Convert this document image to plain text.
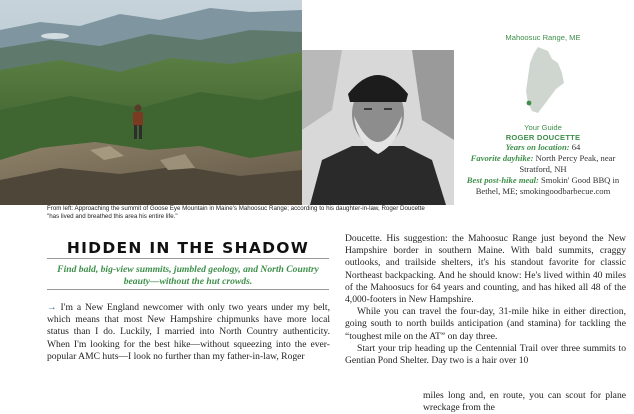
From left: Approaching the summit of Goose Eye Mountain in Maine's Mahoosuc Range; according to his daughter-in-law, Roger Doucette "has lived and breathed this area his entire life."
Mahoosuc Range, ME
Your Guide
ROGER DOUCETTE
Years on location: 64
Favorite dayhike: North Percy Peak, near Stratford, NH
Best post-hike meal: Smokin' Good BBQ in Bethel, ME; smokingoodbarbecue.com
HIDDEN IN THE SHADOW

Find bald, big-view summits, jumbled geology, and North Country beauty—without the hut crowds.

→ I'm a New England newcomer with only two years under my belt, which means that most New Hampshire chipmunks have more local status than I do. Luckily, I married into North Country authenticity. When I'm looking for the best hike—without squeezing into the ever-popular AMC huts—I look no further than my father-in-law, Roger

Doucette. His suggestion: the Mahoosuc Range just beyond the New Hampshire border in southern Maine. With bald summits, craggy outlooks, and trailside shelters, it's his standout favorite for classic Northeast backpacking. And he should know: He's lived within 40 miles of the Mahoosucs for 64 years and counting, and has hiked all 48 of the 4,000-footers in New Hampshire.

While you can travel the four-day, 31-mile hike in either direction, going south to north builds anticipation (and stamina) for tackling the “toughest mile on the AT” on day three.

Start your trip heading up the Centennial Trail over three summits to Gentian Pond Shelter. Day two is a hair over 10

miles long and, en route, you can scout for plane wreckage from the
